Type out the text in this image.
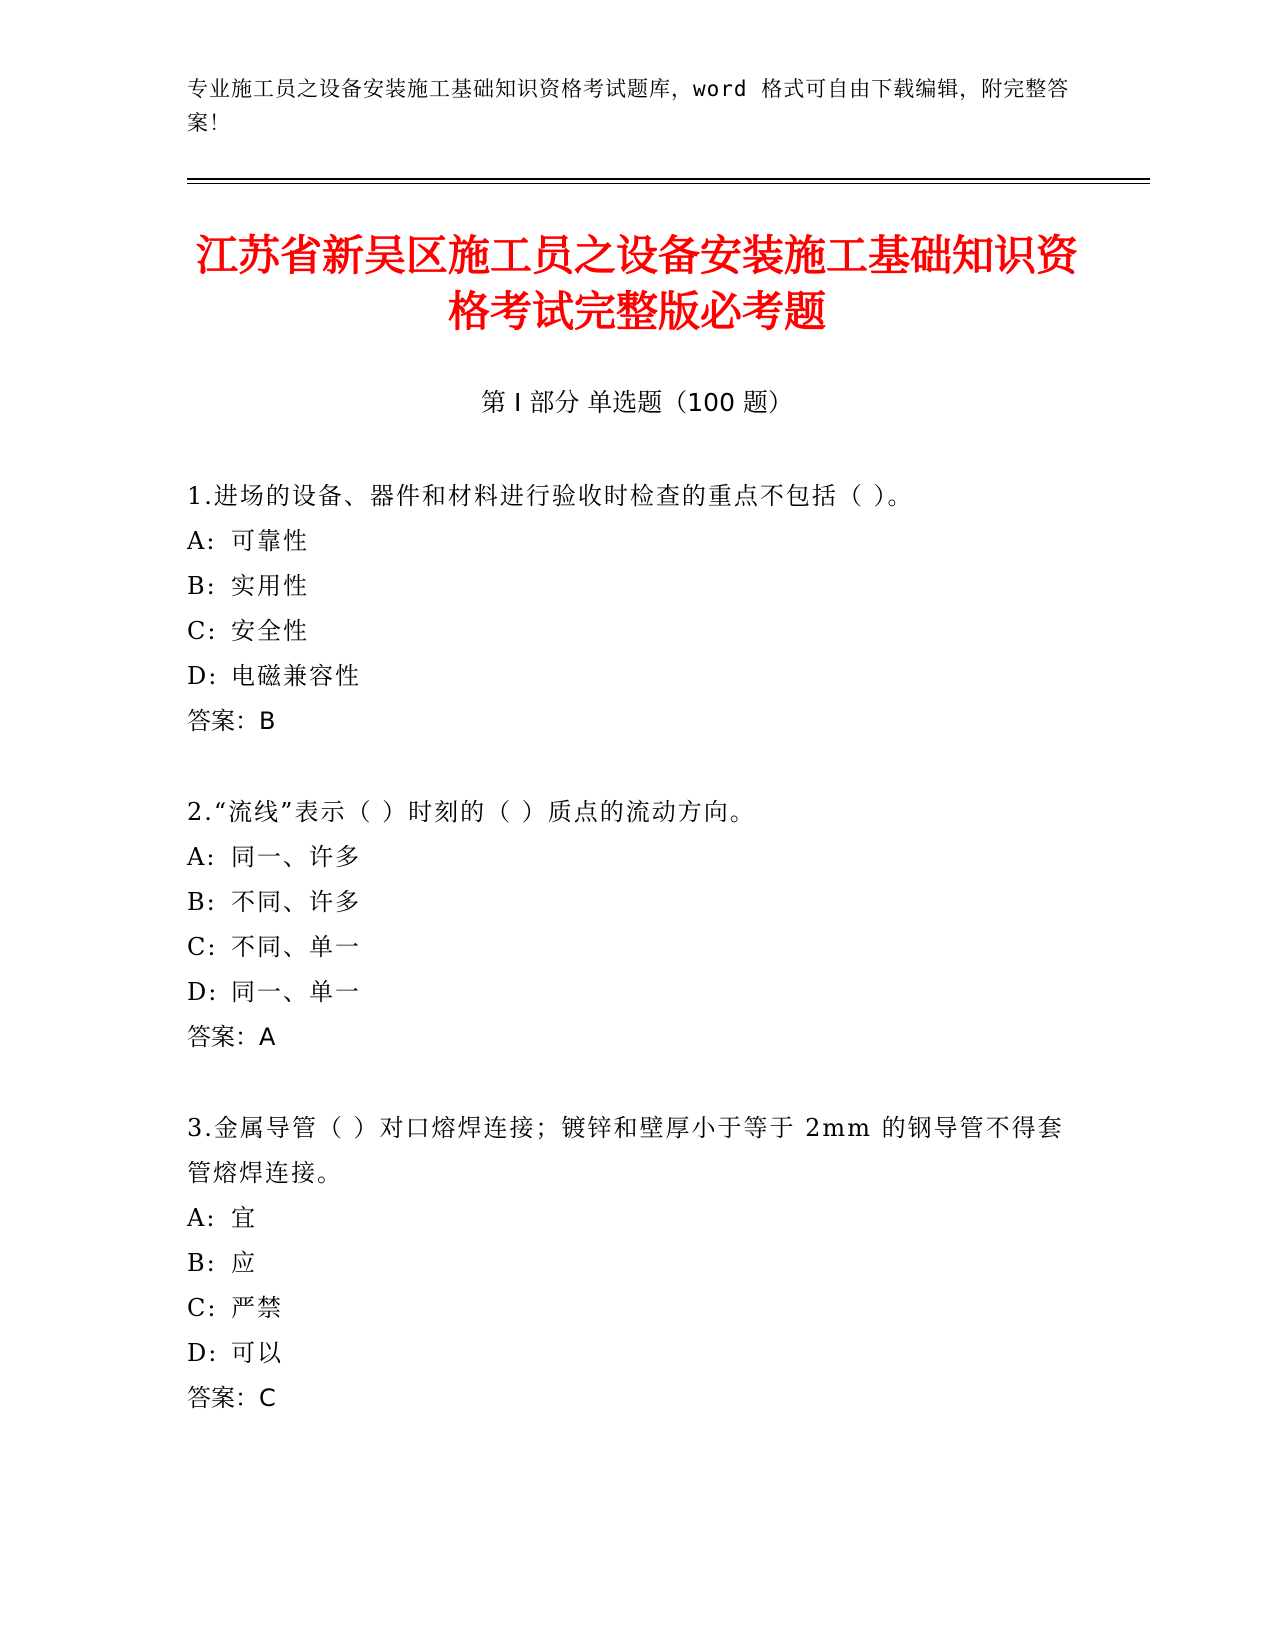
专业施工员之设备安装施工基础知识资格考试题库，word 格式可自由下载编辑，附完整答案！
江苏省新吴区施工员之设备安装施工基础知识资格考试完整版必考题
第 I 部分 单选题（100 题）
1.进场的设备、器件和材料进行验收时检查的重点不包括（ ）。
A: 可靠性
B: 实用性
C: 安全性
D: 电磁兼容性
答案：B
2.“流线”表示（ ）时刻的（ ）质点的流动方向。
A: 同一、许多
B: 不同、许多
C: 不同、单一
D: 同一、单一
答案：A
3.金属导管（ ）对口熔焊连接；镀锌和壁厚小于等于 2mm 的钢导管不得套管熔焊连接。
A: 宜
B: 应
C: 严禁
D: 可以
答案：C
